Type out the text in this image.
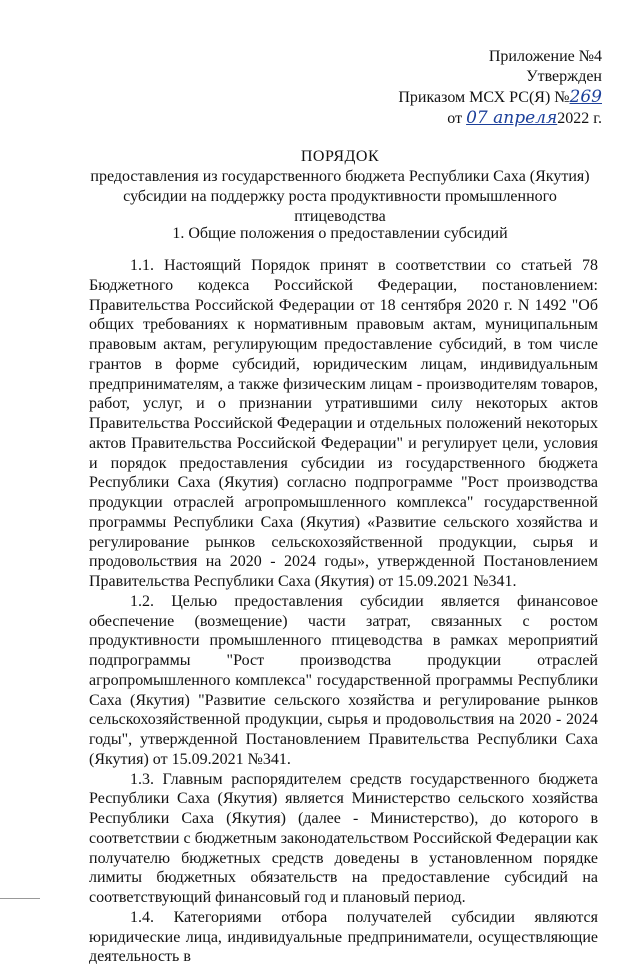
Приложение №4
Утвержден
Приказом МСХ РС(Я) №269
от 07 апреля2022 г.
ПОРЯДОК
предоставления из государственного бюджета Республики Саха (Якутия)
субсидии на поддержку роста продуктивности промышленного птицеводства
1. Общие положения о предоставлении субсидий

1.1. Настоящий Порядок принят в соответствии со статьей 78 Бюджетного кодекса Российской Федерации, постановлением: Правительства Российской Федерации от 18 сентября 2020 г. N 1492 "Об общих требованиях к нормативным правовым актам, муниципальным правовым актам, регулирующим предоставление субсидий, в том числе грантов в форме субсидий, юридическим лицам, индивидуальным предпринимателям, а также физическим лицам - производителям товаров, работ, услуг, и о признании утратившими силу некоторых актов Правительства Российской Федерации и отдельных положений некоторых актов Правительства Российской Федерации" и регулирует цели, условия и порядок предоставления субсидии из государственного бюджета Республики Саха (Якутия) согласно подпрограмме "Рост производства продукции отраслей агропромышленного комплекса" государственной программы Республики Саха (Якутия) «Развитие сельского хозяйства и регулирование рынков сельскохозяйственной продукции, сырья и продовольствия на 2020 - 2024 годы», утвержденной Постановлением Правительства Республики Саха (Якутия) от 15.09.2021 №341.

1.2. Целью предоставления субсидии является финансовое обеспечение (возмещение) части затрат, связанных с ростом продуктивности промышленного птицеводства в рамках мероприятий подпрограммы "Рост производства продукции отраслей агропромышленного комплекса" государственной программы Республики Саха (Якутия) "Развитие сельского хозяйства и регулирование рынков сельскохозяйственной продукции, сырья и продовольствия на 2020 - 2024 годы", утвержденной Постановлением Правительства Республики Саха (Якутия) от 15.09.2021 №341.

1.3. Главным распорядителем средств государственного бюджета Республики Саха (Якутия) является Министерство сельского хозяйства Республики Саха (Якутия) (далее - Министерство), до которого в соответствии с бюджетным законодательством Российской Федерации как получателю бюджетных средств доведены в установленном порядке лимиты бюджетных обязательств на предоставление субсидий на соответствующий финансовый год и плановый период.

1.4. Категориями отбора получателей субсидии являются юридические лица, индивидуальные предприниматели, осуществляющие деятельность в
